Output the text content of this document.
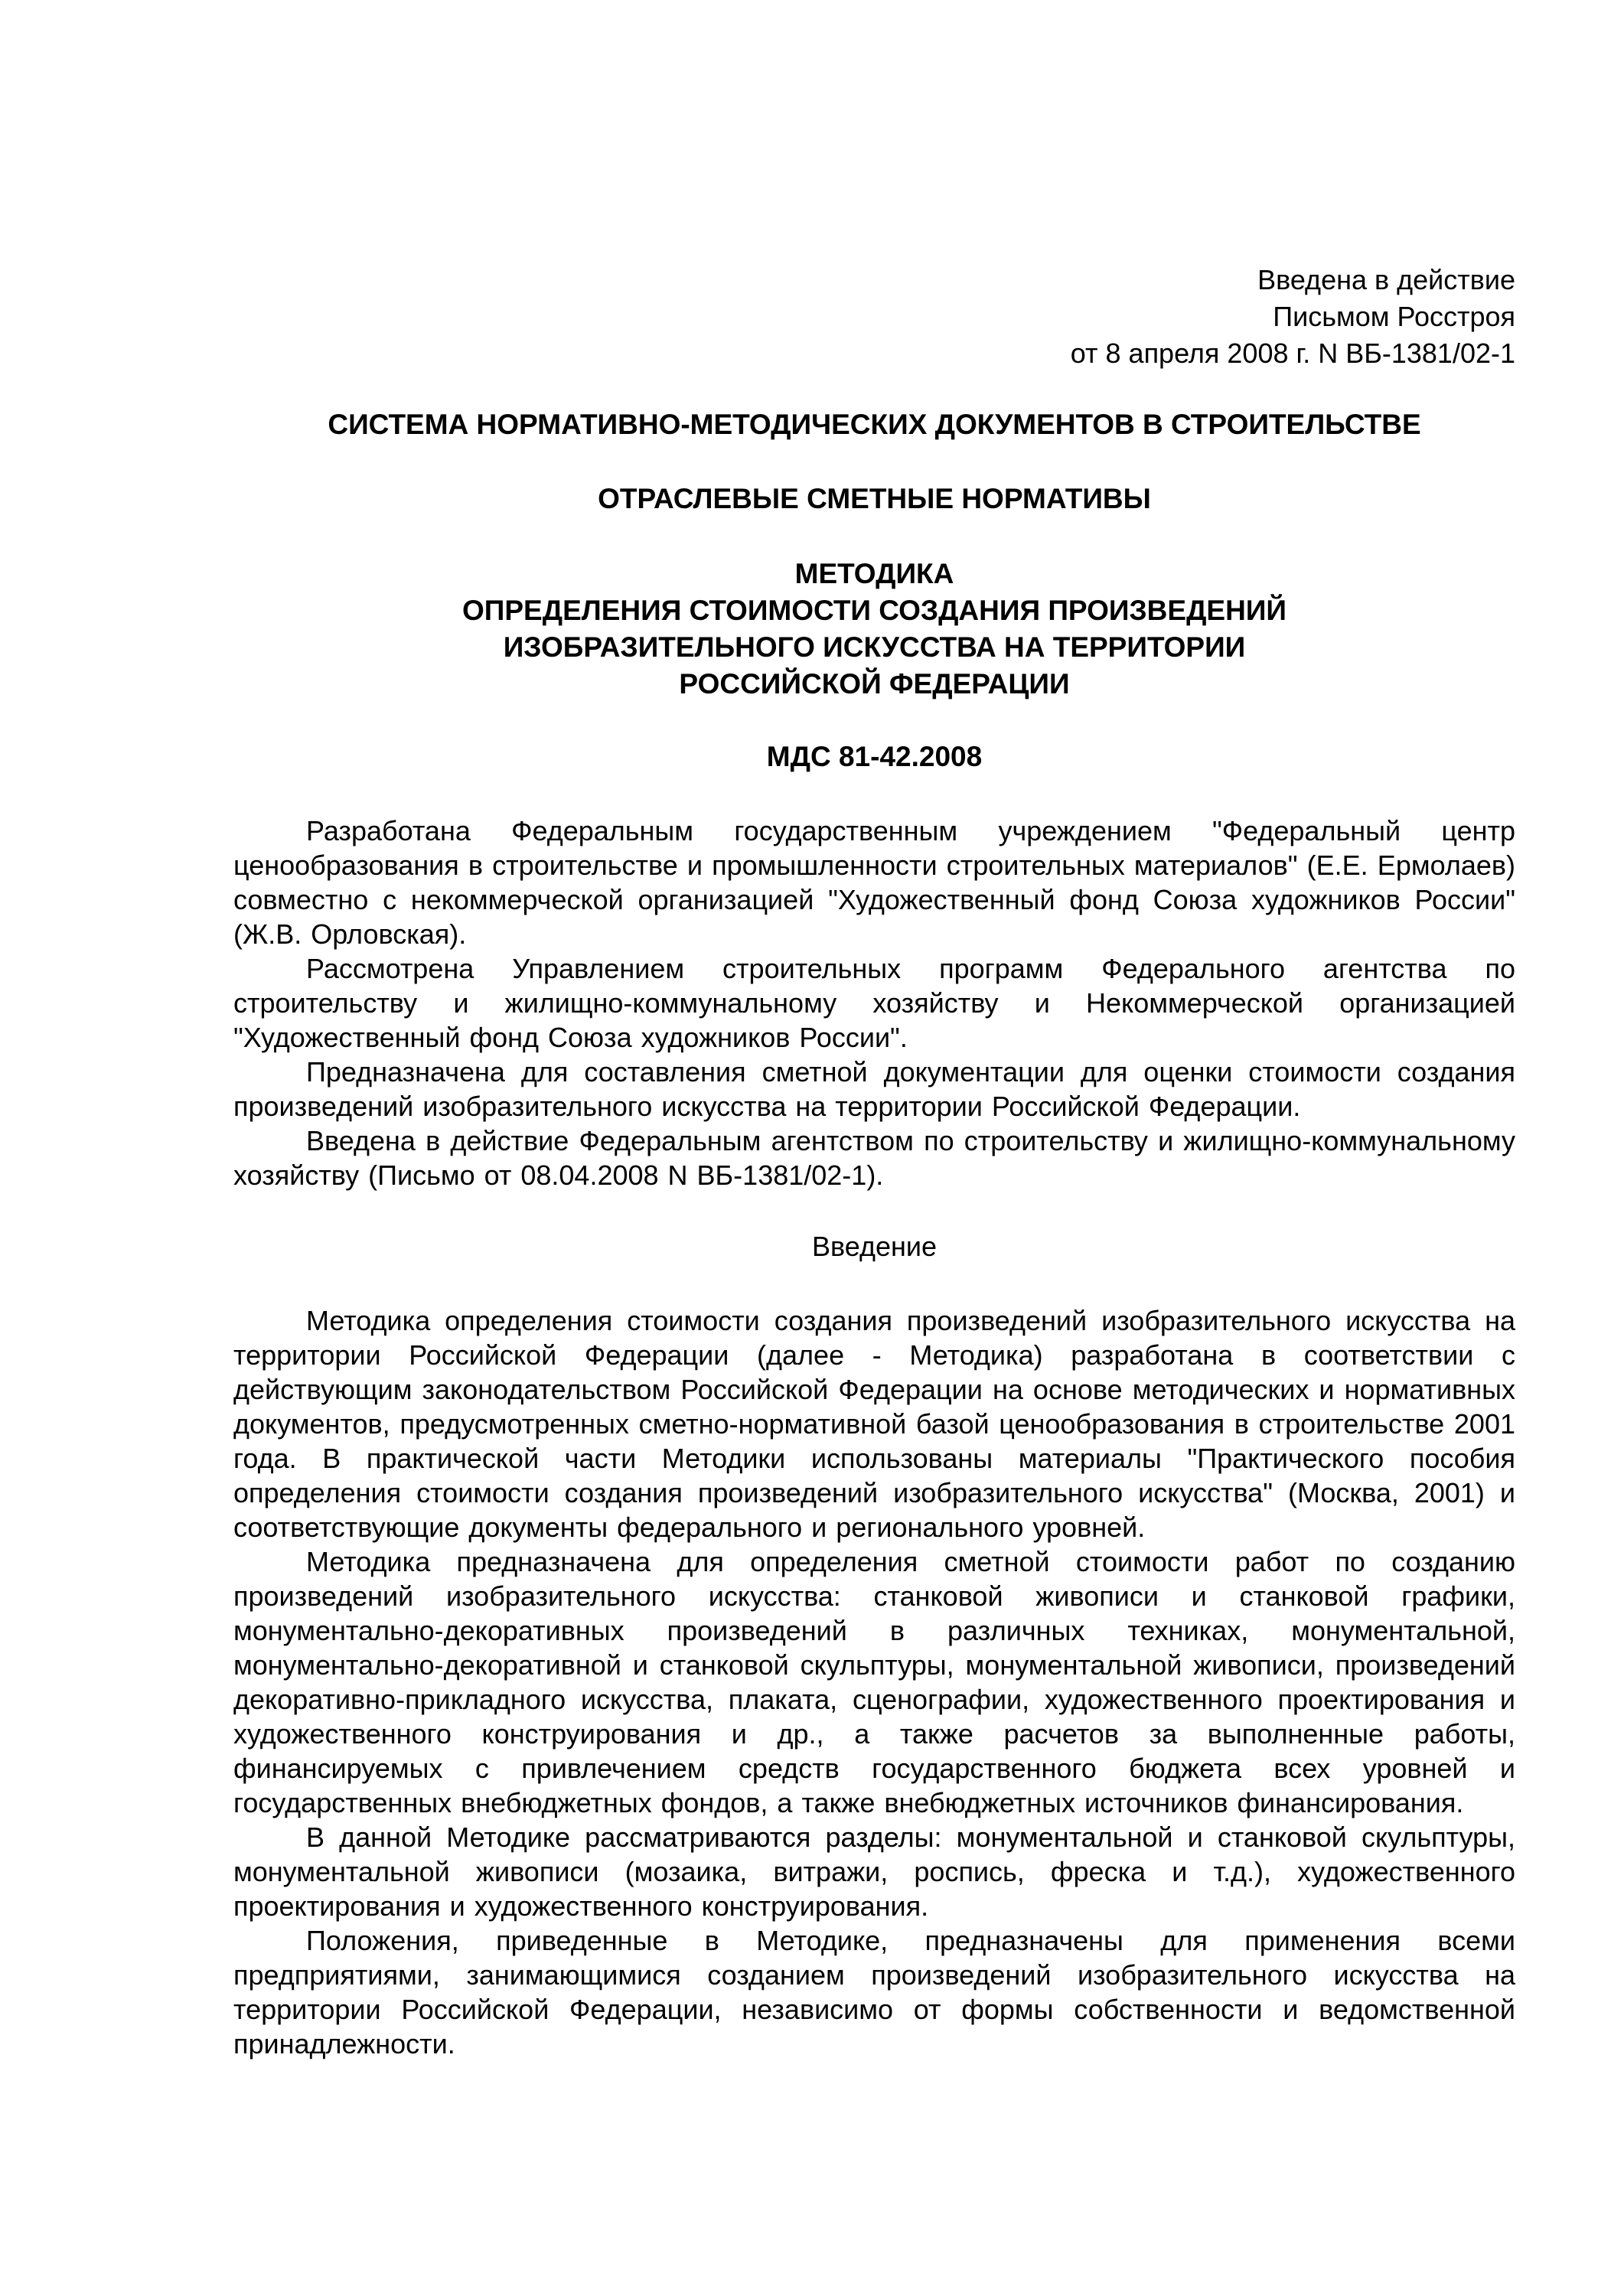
Введена в действие
Письмом Росстроя
от 8 апреля 2008 г. N ВБ-1381/02-1
СИСТЕМА НОРМАТИВНО-МЕТОДИЧЕСКИХ ДОКУМЕНТОВ В СТРОИТЕЛЬСТВЕ
ОТРАСЛЕВЫЕ СМЕТНЫЕ НОРМАТИВЫ
МЕТОДИКА
ОПРЕДЕЛЕНИЯ СТОИМОСТИ СОЗДАНИЯ ПРОИЗВЕДЕНИЙ
ИЗОБРАЗИТЕЛЬНОГО ИСКУССТВА НА ТЕРРИТОРИИ
РОССИЙСКОЙ ФЕДЕРАЦИИ
МДС 81-42.2008

Разработана Федеральным государственным учреждением "Федеральный центр ценообразования в строительстве и промышленности строительных материалов" (Е.Е. Ермолаев) совместно с некоммерческой организацией "Художественный фонд Союза художников России" (Ж.В. Орловская).

Рассмотрена Управлением строительных программ Федерального агентства по строительству и жилищно-коммунальному хозяйству и Некоммерческой организацией "Художественный фонд Союза художников России".

Предназначена для составления сметной документации для оценки стоимости создания произведений изобразительного искусства на территории Российской Федерации.

Введена в действие Федеральным агентством по строительству и жилищно-коммунальному хозяйству (Письмо от 08.04.2008 N ВБ-1381/02-1).

Введение

Методика определения стоимости создания произведений изобразительного искусства на территории Российской Федерации (далее - Методика) разработана в соответствии с действующим законодательством Российской Федерации на основе методических и нормативных документов, предусмотренных сметно-нормативной базой ценообразования в строительстве 2001 года. В практической части Методики использованы материалы "Практического пособия определения стоимости создания произведений изобразительного искусства" (Москва, 2001) и соответствующие документы федерального и регионального уровней.

Методика предназначена для определения сметной стоимости работ по созданию произведений изобразительного искусства: станковой живописи и станковой графики, монументально-декоративных произведений в различных техниках, монументальной, монументально-декоративной и станковой скульптуры, монументальной живописи, произведений декоративно-прикладного искусства, плаката, сценографии, художественного проектирования и художественного конструирования и др., а также расчетов за выполненные работы, финансируемых с привлечением средств государственного бюджета всех уровней и государственных внебюджетных фондов, а также внебюджетных источников финансирования.

В данной Методике рассматриваются разделы: монументальной и станковой скульптуры, монументальной живописи (мозаика, витражи, роспись, фреска и т.д.), художественного проектирования и художественного конструирования.

Положения, приведенные в Методике, предназначены для применения всеми предприятиями, занимающимися созданием произведений изобразительного искусства на территории Российской Федерации, независимо от формы собственности и ведомственной принадлежности.
